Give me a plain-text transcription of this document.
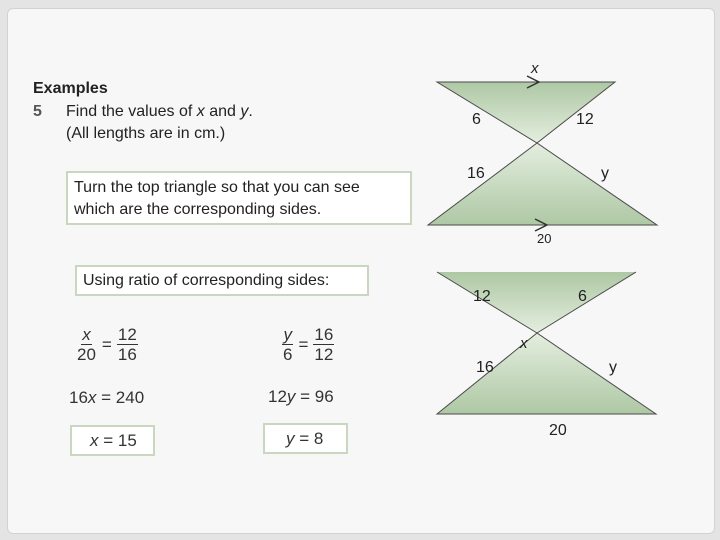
Examples
5 Find the values of x and y.
(All lengths are in cm.)
Turn the top triangle so that you can see which are the corresponding sides.
Using ratio of corresponding sides:
$\frac{x}{20} = \frac{12}{16}$
16x = 240
x = 15
$\frac{y}{6} = \frac{16}{12}$
12y = 96
y = 8
x
6	12
16	y
20
12	6
x
16	y
20
